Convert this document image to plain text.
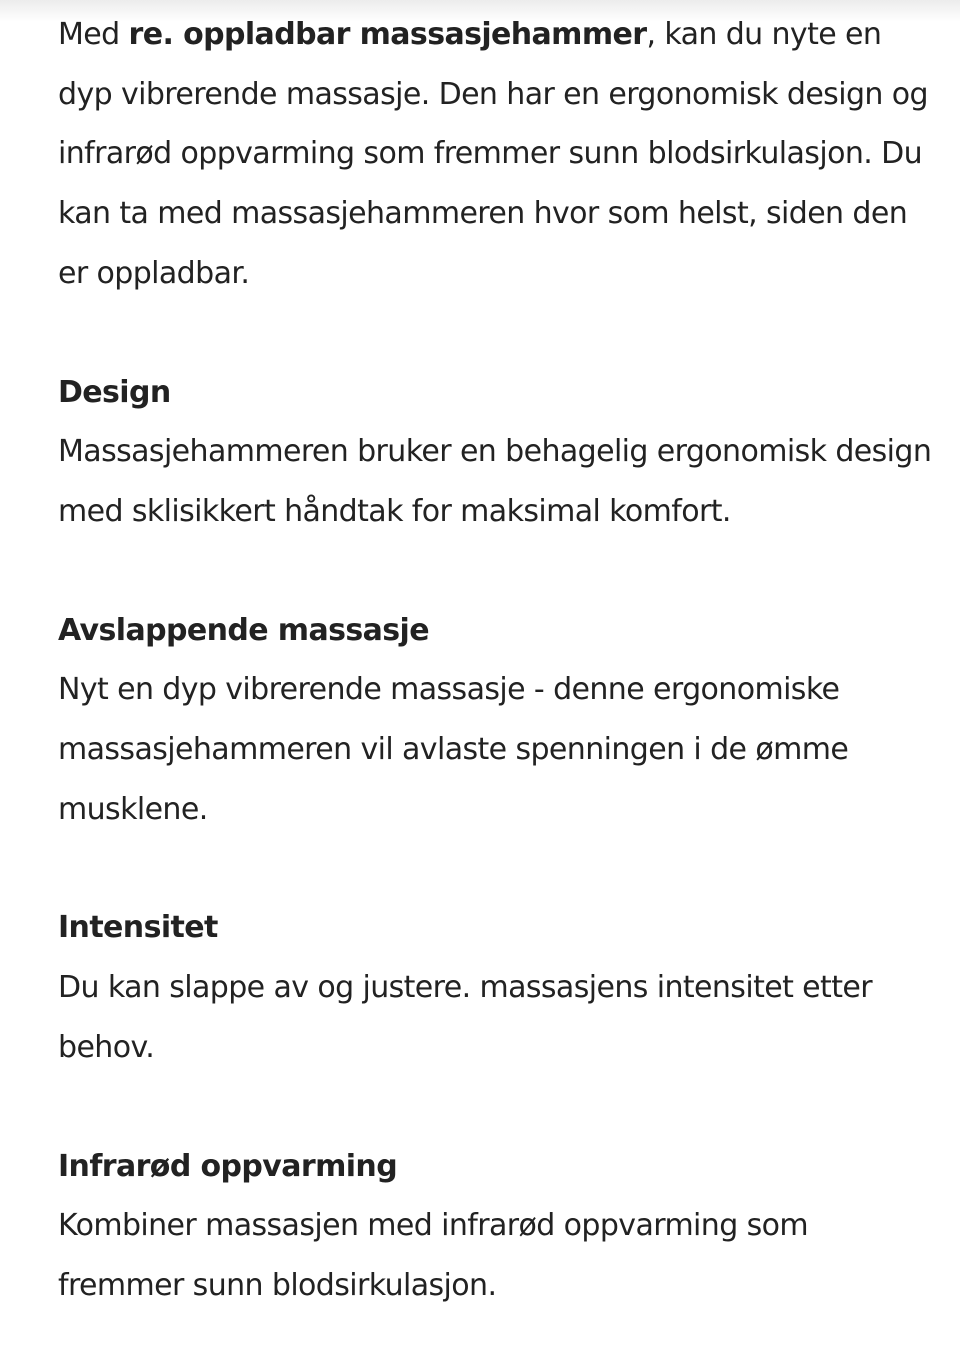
Med re. oppladbar massasjehammer, kan du nyte en dyp vibrerende massasje. Den har en ergonomisk design og infrarød oppvarming som fremmer sunn blodsirkulasjon. Du kan ta med massasjehammeren hvor som helst, siden den er oppladbar.

Design

Massasjehammeren bruker en behagelig ergonomisk design med sklisikkert håndtak for maksimal komfort.

Avslappende massasje

Nyt en dyp vibrerende massasje - denne ergonomiske massasjehammeren vil avlaste spenningen i de ømme musklene.

Intensitet

Du kan slappe av og justere. massasjens intensitet etter behov.

Infrarød oppvarming

Kombiner massasjen med infrarød oppvarming som fremmer sunn blodsirkulasjon.
